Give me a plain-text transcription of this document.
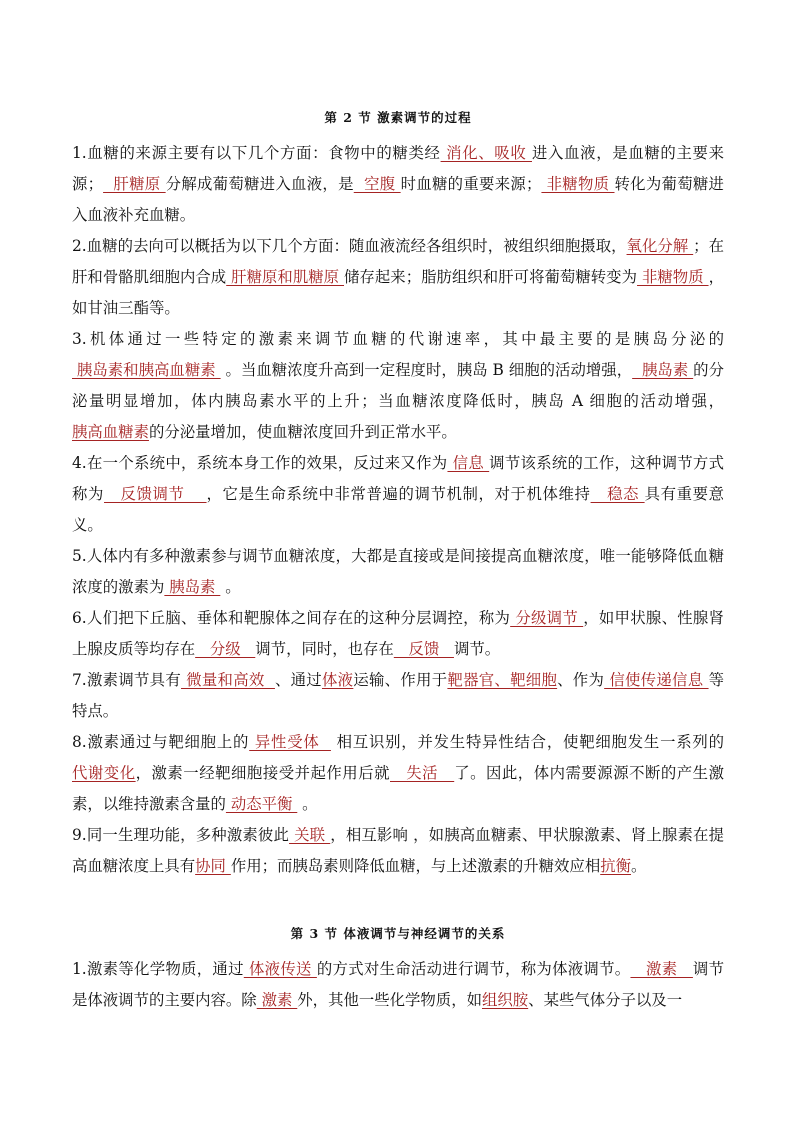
第 2 节 激素调节的过程

1.血糖的来源主要有以下几个方面：食物中的糖类经 消化、吸收 进入血液，是血糖的主要来源；  肝糖原 分解成葡萄糖进入血液，是  空腹 时血糖的重要来源； 非糖物质 转化为葡萄糖进入血液补充血糖。

2.血糖的去向可以概括为以下几个方面：随血液流经各组织时，被组织细胞摄取，氧化分解 ；在肝和骨骼肌细胞内合成 肝糖原和肌糖原 储存起来；脂肪组织和肝可将葡萄糖转变为 非糖物质 ，如甘油三酯等。

3.机体通过一些特定的激素来调节血糖的代谢速率，其中最主要的是胰岛分泌的 胰岛素和胰高血糖素  。当血糖浓度升高到一定程度时，胰岛 B 细胞的活动增强，  胰岛素 的分泌量明显增加，体内胰岛素水平的上升；当血糖浓度降低时，胰岛 A 细胞的活动增强，胰高血糖素的分泌量增加，使血糖浓度回升到正常水平。

4.在一个系统中，系统本身工作的效果，反过来又作为 信息 调节该系统的工作，这种调节方式称为   反馈调节    ，它是生命系统中非常普遍的调节机制，对于机体维持   稳态 具有重要意义。

5.人体内有多种激素参与调节血糖浓度，大都是直接或是间接提高血糖浓度，唯一能够降低血糖浓度的激素为 胰岛素  。

6.人们把下丘脑、垂体和靶腺体之间存在的这种分层调控，称为 分级调节 ，如甲状腺、性腺肾上腺皮质等均存在   分级   调节，同时，也存在   反馈   调节。

7.激素调节具有 微量和高效  、通过体液运输、作用于靶器官、靶细胞、作为 信使传递信息 等特点。

8.激素通过与靶细胞上的 异性受体   相互识别，并发生特异性结合，使靶细胞发生一系列的代谢变化，激素一经靶细胞接受并起作用后就   失活   了。因此，体内需要源源不断的产生激素，以维持激素含量的 动态平衡  。

9.同一生理功能，多种激素彼此 关联 ，相互影响 ，如胰高血糖素、甲状腺激素、肾上腺素在提高血糖浓度上具有协同 作用；而胰岛素则降低血糖，与上述激素的升糖效应相抗衡。

第 3 节 体液调节与神经调节的关系

1.激素等化学物质，通过 体液传送 的方式对生命活动进行调节，称为体液调节。   激素   调节是体液调节的主要内容。除 激素 外，其他一些化学物质，如组织胺、某些气体分子以及一
